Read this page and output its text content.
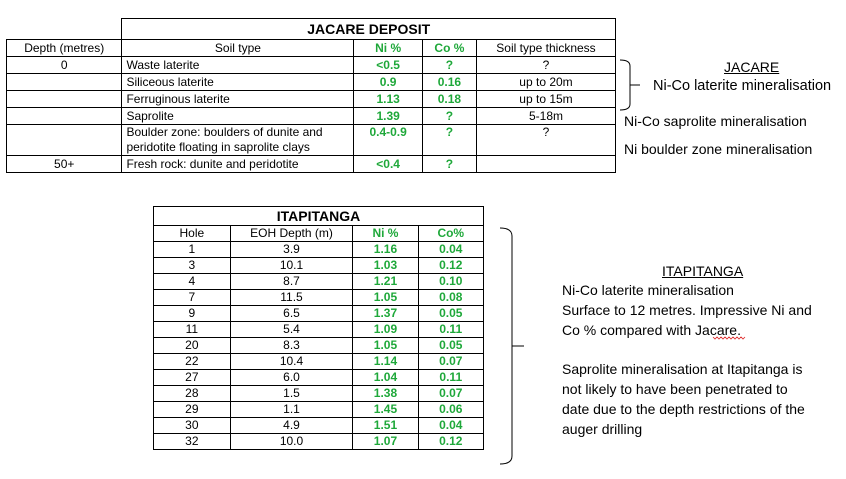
	JACARE DEPOSIT			
Depth (metres)	Soil type	Ni %	Co %	Soil type thickness
0	Waste laterite	<0.5	?	?
	Siliceous laterite	0.9	0.16	up to 20m
	Ferruginous laterite	1.13	0.18	up to 15m
	Saprolite	1.39	?	5-18m
	Boulder zone: boulders of dunite and peridotite floating in saprolite clays	0.4-0.9	?	?
50+	Fresh rock: dunite and peridotite	<0.4	?	
ITAPITANGA			
Hole	EOH Depth (m)	Ni %	Co%
1	3.9	1.16	0.04
3	10.1	1.03	0.12
4	8.7	1.21	0.10
7	11.5	1.05	0.08
9	6.5	1.37	0.05
11	5.4	1.09	0.11
20	8.3	1.05	0.05
22	10.4	1.14	0.07
27	6.0	1.04	0.11
28	1.5	1.38	0.07
29	1.1	1.45	0.06
30	4.9	1.51	0.04
32	10.0	1.07	0.12
JACARE
Ni-Co laterite mineralisation
Ni-Co saprolite mineralisation
Ni boulder zone mineralisation
ITAPITANGA
Ni-Co laterite mineralisation
Surface to 12 metres. Impressive Ni and
Co % compared with Jacare.
Saprolite mineralisation at Itapitanga is
not likely to have been penetrated to
date due to the depth restrictions of the
auger drilling
